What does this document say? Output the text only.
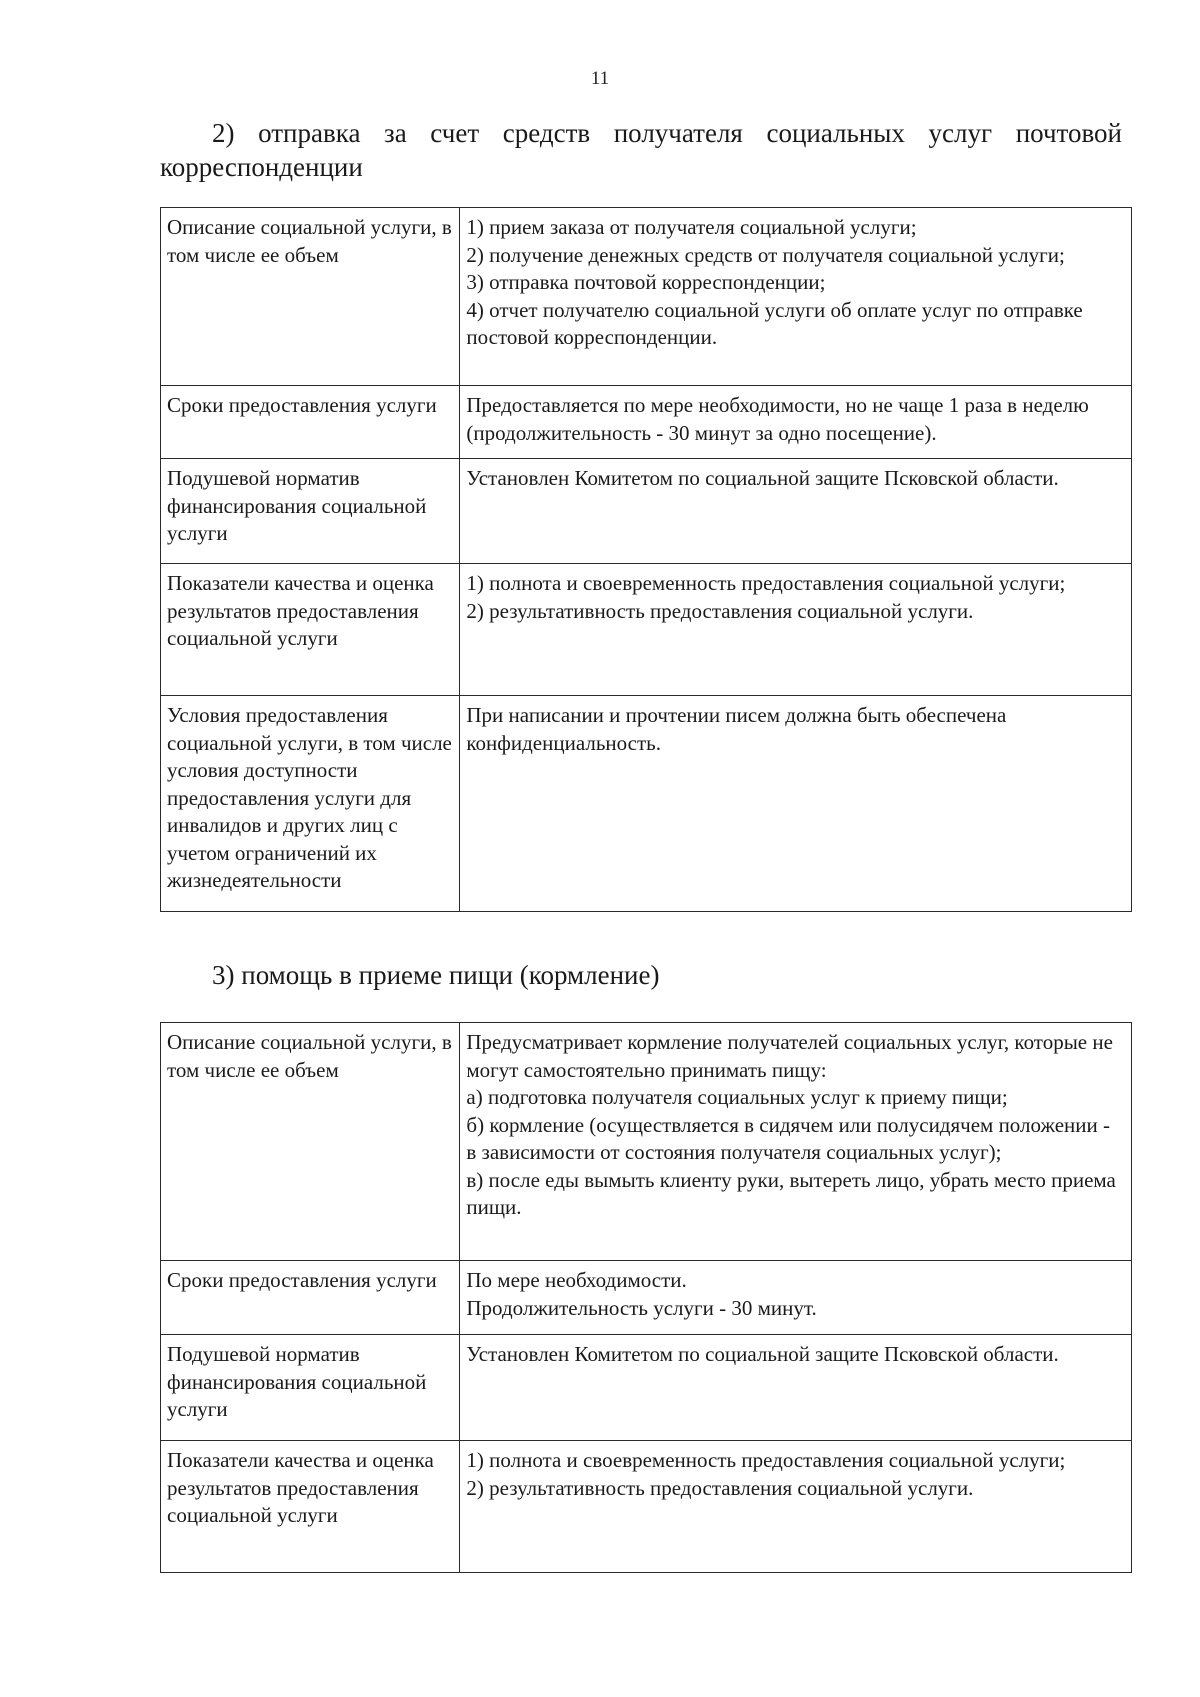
11
2) отправка за счет средств получателя социальных услуг почтовой корреспонденции
Описание социальной услуги, в том числе ее объем	1) прием заказа от получателя социальной услуги;
2) получение денежных средств от получателя социальной услуги;
3) отправка почтовой корреспонденции;
4) отчет получателю социальной услуги об оплате услуг по отправке постовой корреспонденции.

Сроки предоставления услуги	Предоставляется по мере необходимости, но не чаще 1 раза в неделю (продолжительность - 30 минут за одно посещение).

Подушевой норматив финансирования социальной услуги	Установлен Комитетом по социальной защите Псковской области.

Показатели качества и оценка результатов предоставления социальной услуги	1) полнота и своевременность предоставления социальной услуги;
2) результативность предоставления социальной услуги.

Условия предоставления социальной услуги, в том числе условия доступности предоставления услуги для инвалидов и других лиц с учетом ограничений их жизнедеятельности	При написании и прочтении писем должна быть обеспечена конфиденциальность.
3) помощь в приеме пищи (кормление)
Описание социальной услуги, в том числе ее объем	Предусматривает кормление получателей социальных услуг, которые не могут самостоятельно принимать пищу:
а) подготовка получателя социальных услуг к приему пищи;
б) кормление (осуществляется в сидячем или полусидячем положении - в зависимости от состояния получателя социальных услуг);
в) после еды вымыть клиенту руки, вытереть лицо, убрать место приема пищи.

Сроки предоставления услуги	По мере необходимости.
Продолжительность услуги - 30 минут.

Подушевой норматив финансирования социальной услуги	Установлен Комитетом по социальной защите Псковской области.

Показатели качества и оценка результатов предоставления социальной услуги	1) полнота и своевременность предоставления социальной услуги;
2) результативность предоставления социальной услуги.
